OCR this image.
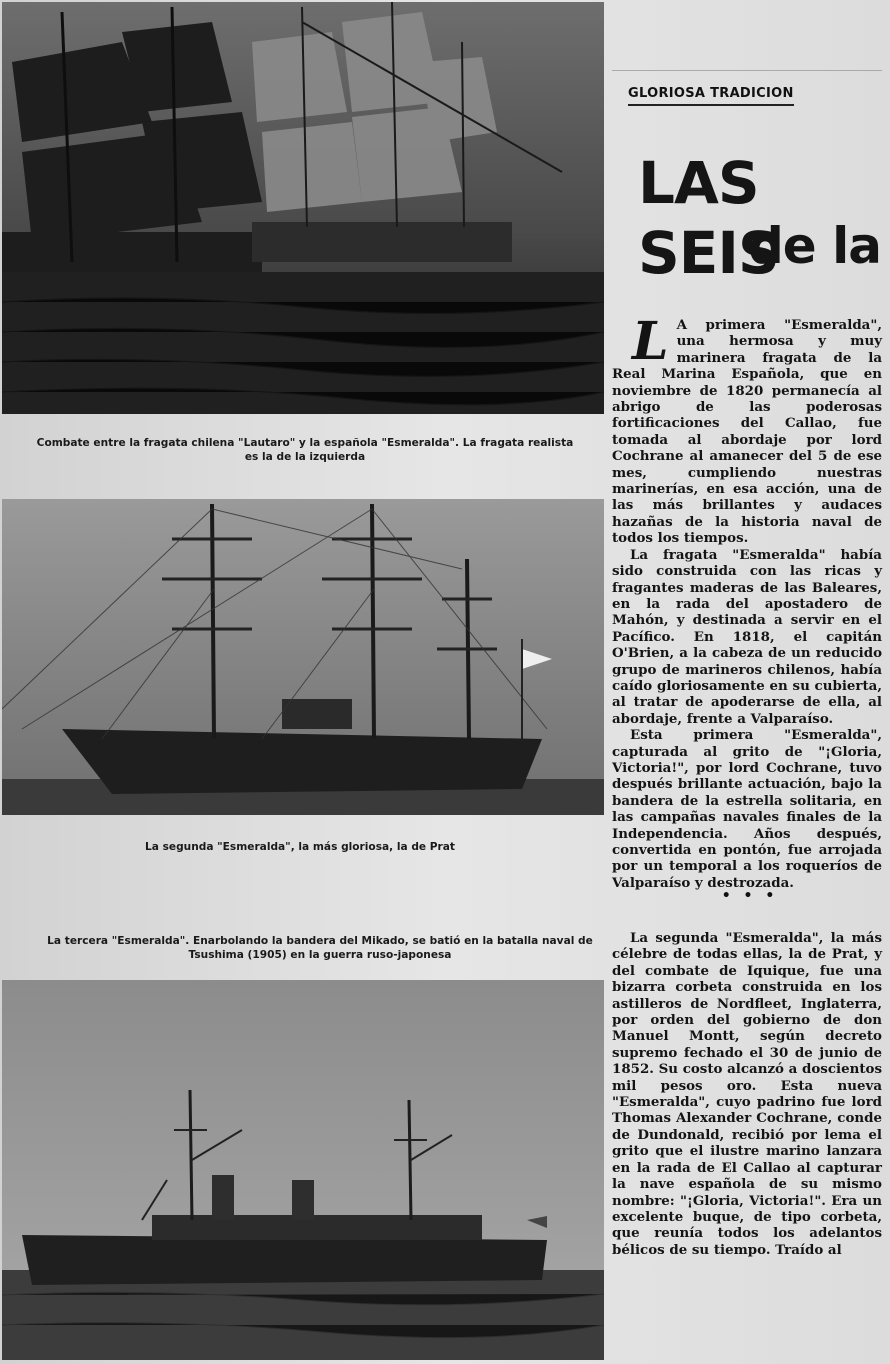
Combate entre la fragata chilena "Lautaro" y la española "Esmeralda". La fragata realista es la de la izquierda
La segunda "Esmeralda", la más gloriosa, la de Prat
La tercera "Esmeralda". Enarbolando la bandera del Mikado, se batió en la batalla naval de Tsushima (1905) en la guerra ruso-japonesa
GLORIOSA TRADICION
LAS SEIS
de la

L A primera "Esmeralda", una hermosa y muy marinera fragata de la Real Marina Española, que en noviembre de 1820 permanecía al abrigo de las poderosas fortificaciones del Callao, fue tomada al abordaje por lord Cochrane al amanecer del 5 de ese mes, cumpliendo nuestras marinerías, en esa acción, una de las más brillantes y audaces hazañas de la historia naval de todos los tiempos.

La fragata "Esmeralda" había sido construida con las ricas y fragantes maderas de las Baleares, en la rada del apostadero de Mahón, y destinada a servir en el Pacífico. En 1818, el capitán O'Brien, a la cabeza de un reducido grupo de marineros chilenos, había caído gloriosamente en su cubierta, al tratar de apoderarse de ella, al abordaje, frente a Valparaíso.

Esta primera "Esmeralda", capturada al grito de "¡Gloria, Victoria!", por lord Cochrane, tuvo después brillante actuación, bajo la bandera de la estrella solitaria, en las campañas navales finales de la Independencia. Años después, convertida en pontón, fue arrojada por un temporal a los roqueríos de Valparaíso y destrozada.

• • •

La segunda "Esmeralda", la más célebre de todas ellas, la de Prat, y del combate de Iquique, fue una bizarra corbeta construida en los astilleros de Nordfleet, Inglaterra, por orden del gobierno de don Manuel Montt, según decreto supremo fechado el 30 de junio de 1852. Su costo alcanzó a doscientos mil pesos oro. Esta nueva "Esmeralda", cuyo padrino fue lord Thomas Alexander Cochrane, conde de Dundonald, recibió por lema el grito que el ilustre marino lanzara en la rada de El Callao al capturar la nave española de su mismo nombre: "¡Gloria, Victoria!". Era un excelente buque, de tipo corbeta, que reunía todos los adelantos bélicos de su tiempo. Traído al
